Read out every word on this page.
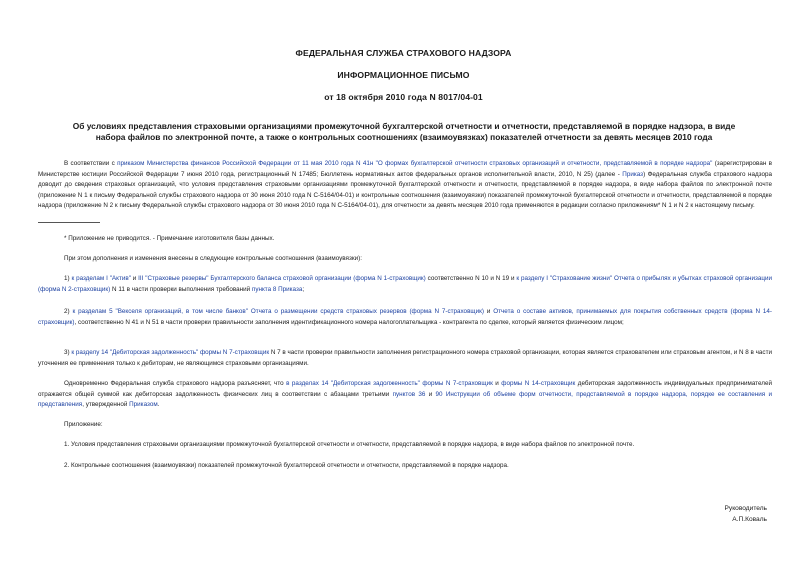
ФЕДЕРАЛЬНАЯ СЛУЖБА СТРАХОВОГО НАДЗОРА
ИНФОРМАЦИОННОЕ ПИСЬМО
от 18 октября 2010 года N 8017/04-01
Об условиях представления страховыми организациями промежуточной бухгалтерской отчетности и отчетности, представляемой в порядке надзора, в виде
набора файлов по электронной почте, а также о контрольных соотношениях (взаимоувязках) показателей отчетности за девять месяцев 2010 года
В соответствии с приказом Министерства финансов Российской Федерации от 11 мая 2010 года N 41н "О формах бухгалтерской отчетности страховых организаций и отчетности, представляемой в порядке надзора" (зарегистрирован в Министерстве юстиции Российской Федерации 7 июня 2010 года, регистрационный N 17485; Бюллетень нормативных актов федеральных органов исполнительной власти, 2010, N 25) (далее - Приказ) Федеральная служба страхового надзора доводит до сведения страховых организаций, что условия представления страховыми организациями промежуточной бухгалтерской отчетности и отчетности, представляемой в порядке надзора, в виде набора файлов по электронной почте (приложение N 1 к письму Федеральной службы страхового надзора от 30 июня 2010 года N С-5164/04-01) и контрольные соотношения (взаимоувязки) показателей промежуточной бухгалтерской отчетности и отчетности, представляемой в порядке надзора (приложение N 2 к письму Федеральной службы страхового надзора от 30 июня 2010 года N С-5164/04-01), для отчетности за девять месяцев 2010 года применяются в редакции согласно приложениям* N 1 и N 2 к настоящему письму.
* Приложение не приводится. - Примечание изготовителя базы данных.
При этом дополнения и изменения внесены в следующие контрольные соотношения (взаимоувязки):
1) к разделам I "Актив" и III "Страховые резервы" Бухгалтерского баланса страховой организации (форма N 1-страховщик) соответственно N 10 и N 19 и к разделу I "Страхование жизни" Отчета о прибылях и убытках страховой организации (форма N 2-страховщик) N 11 в части проверки выполнения требований пункта 8 Приказа;
2) к разделам 5 "Векселя организаций, в том числе банков" Отчета о размещении средств страховых резервов (форма N 7-страховщик) и Отчета о составе активов, принимаемых для покрытия собственных средств (форма N 14-страховщик), соответственно N 41 и N 51 в части проверки правильности заполнения идентификационного номера налогоплательщика - контрагента по сделке, который является физическим лицом;
3) к разделу 14 "Дебиторская задолженность" формы N 7-страховщик N 7 в части проверки правильности заполнения регистрационного номера страховой организации, которая является страхователем или страховым агентом, и N 8 в части уточнения ее применения только к дебиторам, не являющимся страховыми организациями.
Одновременно Федеральная служба страхового надзора разъясняет, что в разделах 14 "Дебиторская задолженность" формы N 7-страховщик и формы N 14-страховщик дебиторская задолженность индивидуальных предпринимателей отражается общей суммой как дебиторская задолженность физических лиц в соответствии с абзацами третьими пунктов 36 и 90 Инструкции об объеме форм отчетности, представляемой в порядке надзора, порядке ее составления и представления, утвержденной Приказом.
Приложение:
1. Условия представления страховыми организациями промежуточной бухгалтерской отчетности и отчетности, представляемой в порядке надзора, в виде набора файлов по электронной почте.
2. Контрольные соотношения (взаимоувязки) показателей промежуточной бухгалтерской отчетности и отчетности, представляемой в порядке надзора.
Руководитель
А.П.Коваль
